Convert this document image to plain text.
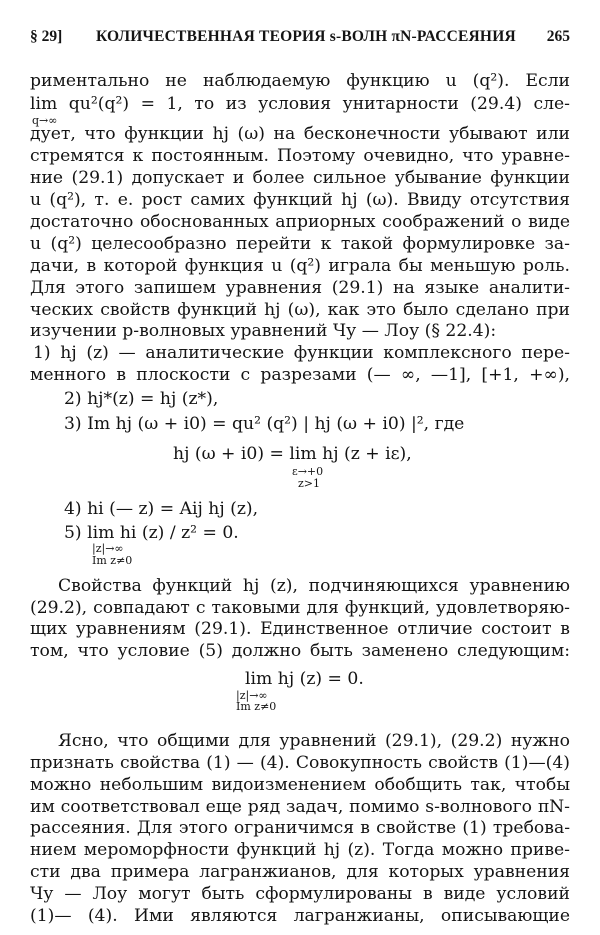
§ 29] КОЛИЧЕСТВЕННАЯ ТЕОРИЯ s-ВОЛН πN-РАССЕЯНИЯ 265
риментально не наблюдаемую функцию u (q²). Если
lim qu²(q²) = 1, то из условия унитарности (29.4) сле-
q→∞
дует, что функции hj (ω) на бесконечности убывают или
стремятся к постоянным. Поэтому очевидно, что уравне-
ние (29.1) допускает и более сильное убывание функции
u (q²), т. е. рост самих функций hj (ω). Ввиду отсутствия
достаточно обоснованных априорных соображений о виде
u (q²) целесообразно перейти к такой формулировке за-
дачи, в которой функция u (q²) играла бы меньшую роль.
Для этого запишем уравнения (29.1) на языке аналити-
ческих свойств функций hj (ω), как это было сделано при
изучении p-волновых уравнений Чу — Лоу (§ 22.4):
1) hj (z) — аналитические функции комплексного пере-
менного в плоскости с разрезами (— ∞, —1], [+1, +∞),
2) hj*(z) = hj (z*),
3) Im hj (ω + i0) = qu² (q²) | hj (ω + i0) |², где
hj (ω + i0) = lim hj (z + iε),
ε→+0
z>1
4) hi (— z) = Aij hj (z),
5) lim hi (z) / z² = 0.
|z|→∞
Im z≠0
Свойства функций hj (z), подчиняющихся уравнению
(29.2), совпадают с таковыми для функций, удовлетворяю-
щих уравнениям (29.1). Единственное отличие состоит в
том, что условие (5) должно быть заменено следующим:
lim hj (z) = 0.
|z|→∞
Im z≠0
Ясно, что общими для уравнений (29.1), (29.2) нужно
признать свойства (1) — (4). Совокупность свойств (1)—(4)
можно небольшим видоизменением обобщить так, чтобы
им соответствовал еще ряд задач, помимо s-волнового πN-
рассеяния. Для этого ограничимся в свойстве (1) требова-
нием мероморфности функций hj (z). Тогда можно приве-
сти два примера лагранжианов, для которых уравнения
Чу — Лоу могут быть сформулированы в виде условий
(1)— (4). Ими являются лагранжианы, описывающие
